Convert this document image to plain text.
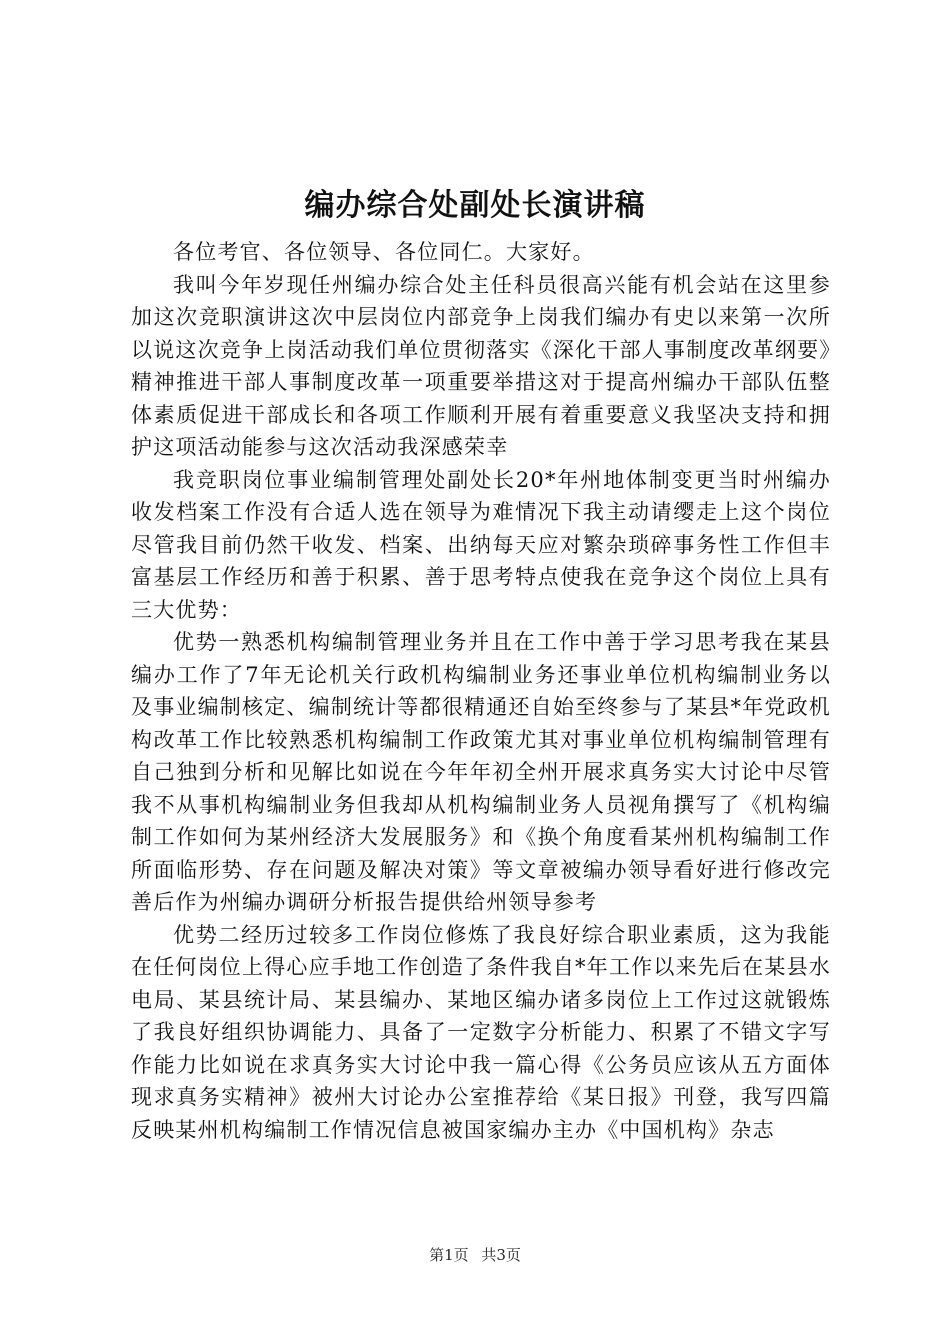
编办综合处副处长演讲稿

各位考官、各位领导、各位同仁。大家好。

我叫今年岁现任州编办综合处主任科员很高兴能有机会站在这里参加这次竞职演讲这次中层岗位内部竞争上岗我们编办有史以来第一次所以说这次竞争上岗活动我们单位贯彻落实《深化干部人事制度改革纲要》精神推进干部人事制度改革一项重要举措这对于提高州编办干部队伍整体素质促进干部成长和各项工作顺利开展有着重要意义我坚决支持和拥护这项活动能参与这次活动我深感荣幸

我竞职岗位事业编制管理处副处长20*年州地体制变更当时州编办收发档案工作没有合适人选在领导为难情况下我主动请缨走上这个岗位尽管我目前仍然干收发、档案、出纳每天应对繁杂琐碎事务性工作但丰富基层工作经历和善于积累、善于思考特点使我在竞争这个岗位上具有三大优势：

优势一熟悉机构编制管理业务并且在工作中善于学习思考我在某县编办工作了7年无论机关行政机构编制业务还事业单位机构编制业务以及事业编制核定、编制统计等都很精通还自始至终参与了某县*年党政机构改革工作比较熟悉机构编制工作政策尤其对事业单位机构编制管理有自己独到分析和见解比如说在今年年初全州开展求真务实大讨论中尽管我不从事机构编制业务但我却从机构编制业务人员视角撰写了《机构编制工作如何为某州经济大发展服务》和《换个角度看某州机构编制工作所面临形势、存在问题及解决对策》等文章被编办领导看好进行修改完善后作为州编办调研分析报告提供给州领导参考

优势二经历过较多工作岗位修炼了我良好综合职业素质，这为我能在任何岗位上得心应手地工作创造了条件我自*年工作以来先后在某县水电局、某县统计局、某县编办、某地区编办诸多岗位上工作过这就锻炼了我良好组织协调能力、具备了一定数字分析能力、积累了不错文字写作能力比如说在求真务实大讨论中我一篇心得《公务员应该从五方面体现求真务实精神》被州大讨论办公室推荐给《某日报》刊登，我写四篇反映某州机构编制工作情况信息被国家编办主办《中国机构》杂志

第1页 共3页
